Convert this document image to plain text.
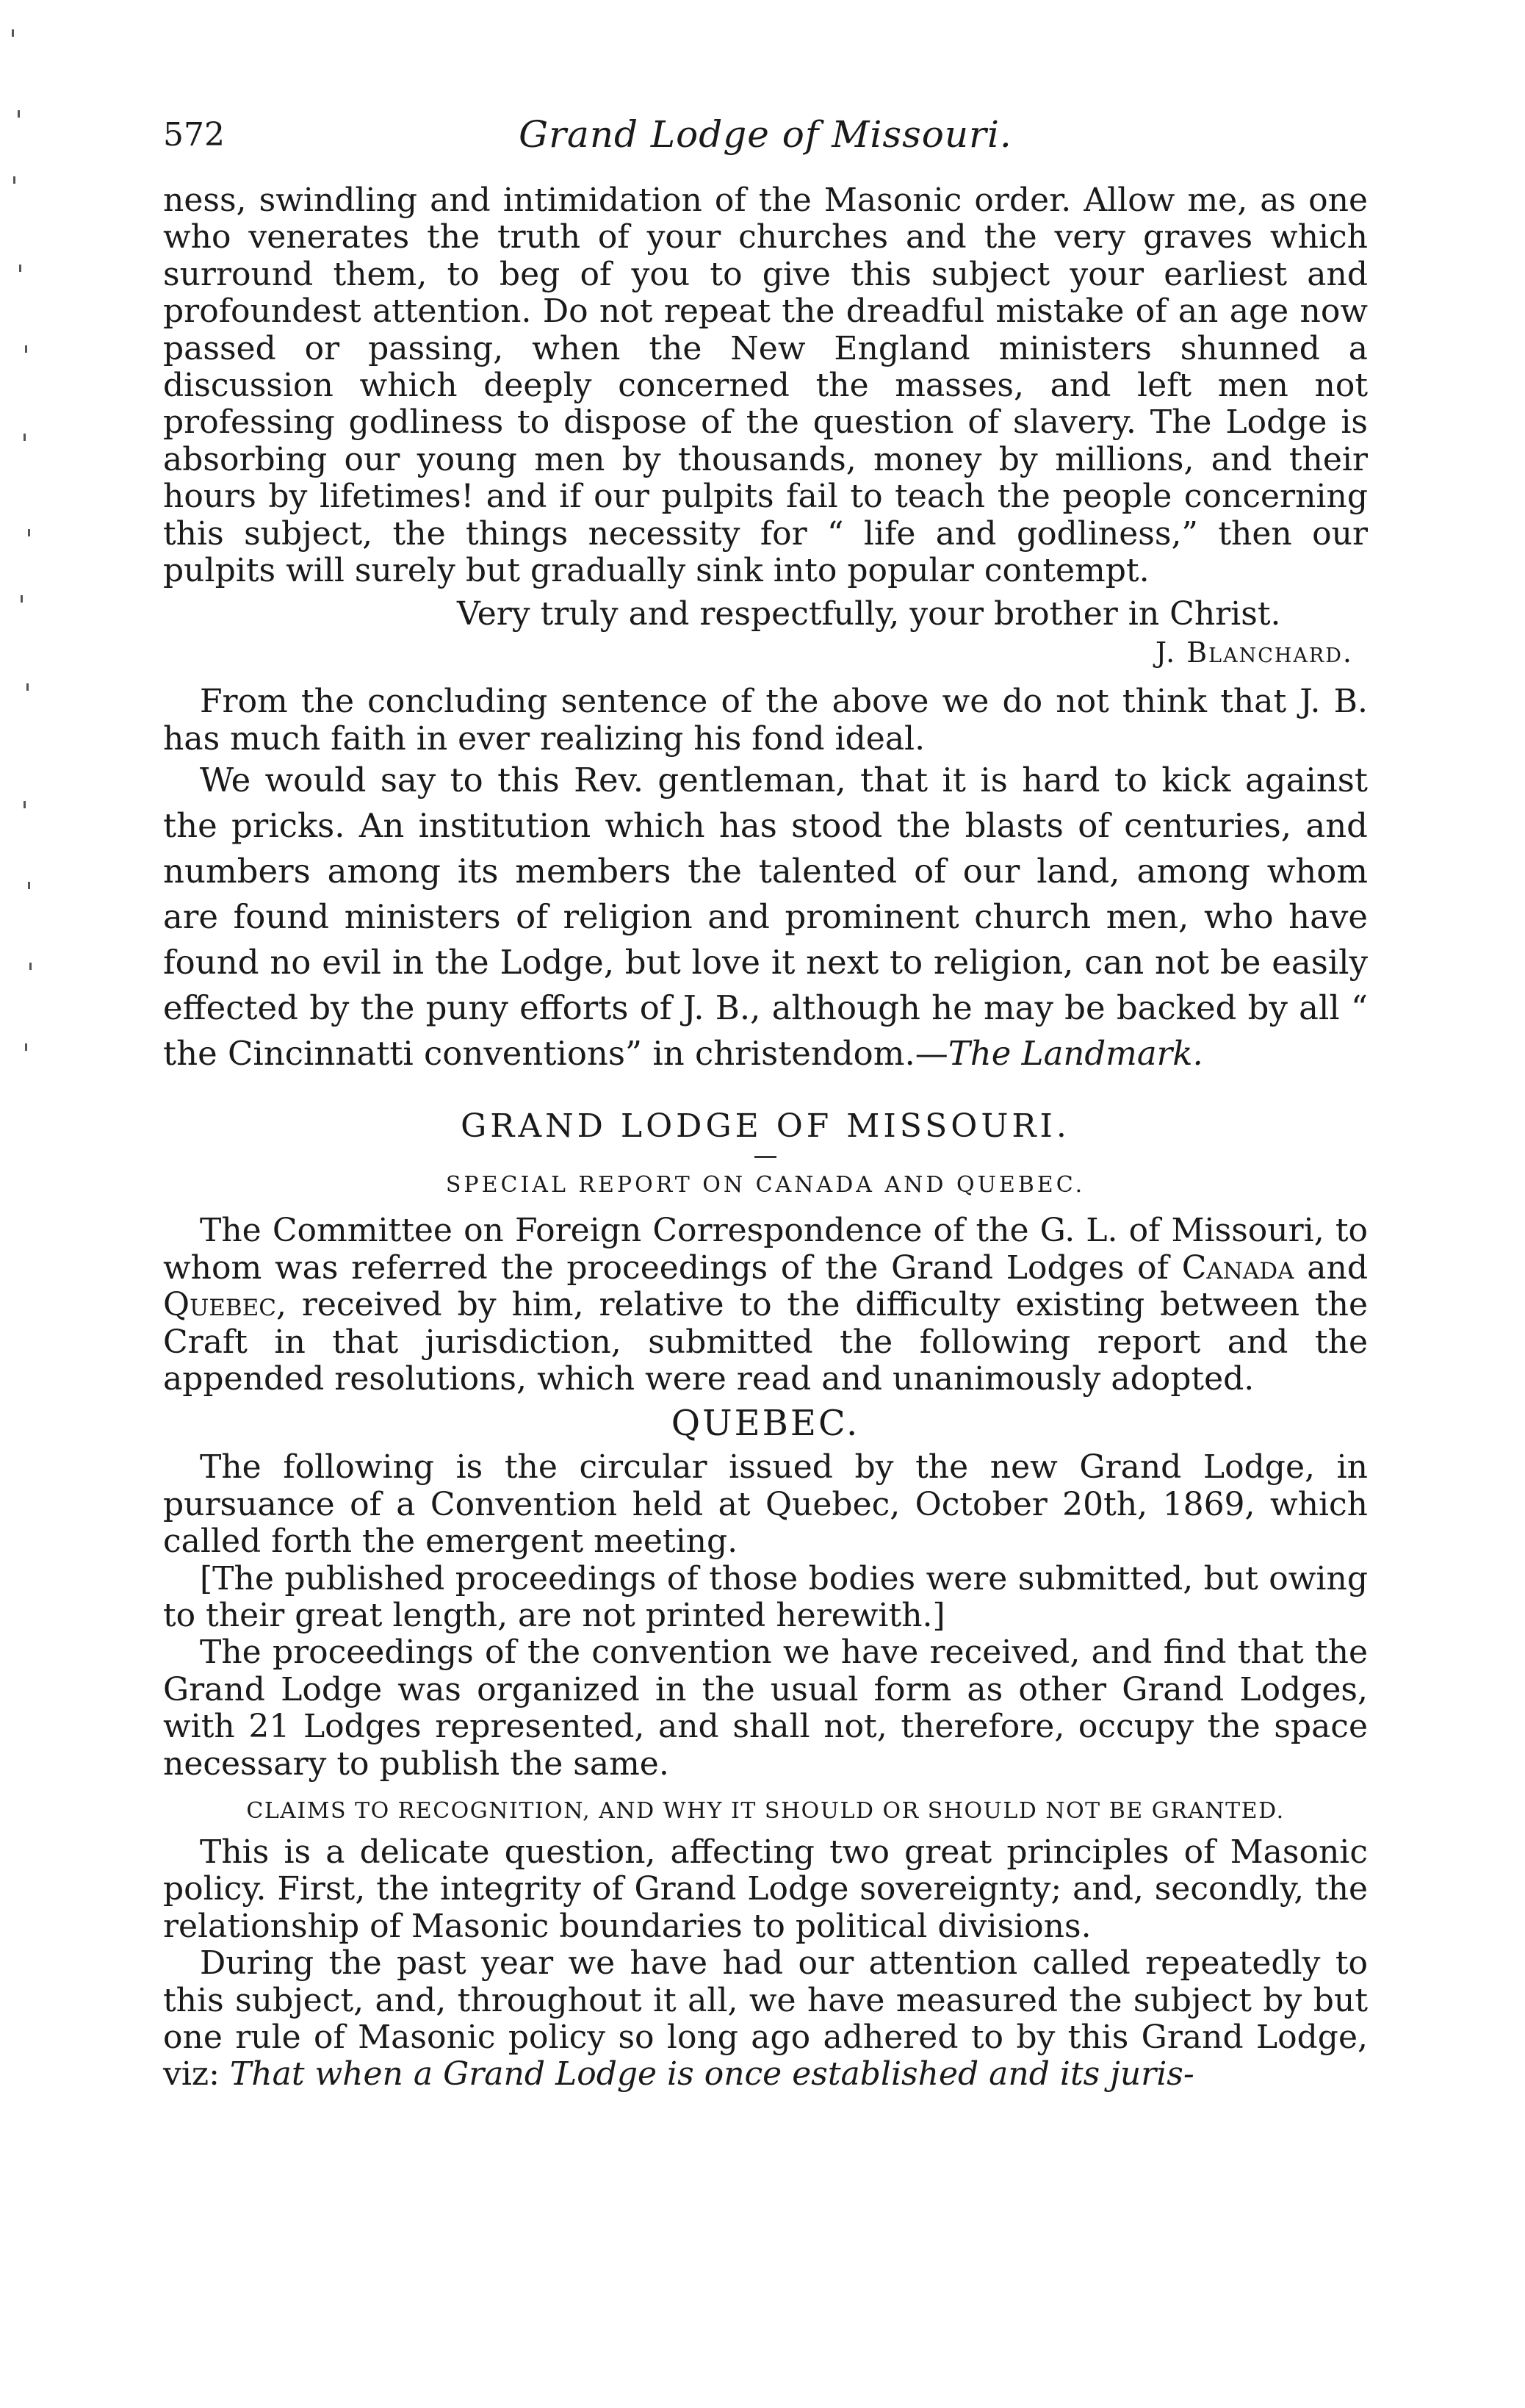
572	Grand Lodge of Missouri.

ness, swindling and intimidation of the Masonic order. Allow me, as one who venerates the truth of your churches and the very graves which surround them, to beg of you to give this subject your earliest and profoundest attention. Do not repeat the dreadful mistake of an age now passed or passing, when the New England ministers shunned a discussion which deeply concerned the masses, and left men not professing godliness to dispose of the question of slavery. The Lodge is absorbing our young men by thousands, money by millions, and their hours by lifetimes! and if our pulpits fail to teach the people concerning this subject, the things necessity for “ life and godliness,” then our pulpits will surely but gradually sink into popular contempt.

Very truly and respectfully, your brother in Christ.

J. Blanchard.

From the concluding sentence of the above we do not think that J. B. has much faith in ever realizing his fond ideal.

We would say to this Rev. gentleman, that it is hard to kick against the pricks. An institution which has stood the blasts of centuries, and numbers among its members the talented of our land, among whom are found ministers of religion and prominent church men, who have found no evil in the Lodge, but love it next to religion, can not be easily effected by the puny efforts of J. B., although he may be backed by all “ the Cincinnatti conventions” in christendom.—The Landmark.

GRAND LODGE OF MISSOURI.
SPECIAL REPORT ON CANADA AND QUEBEC.

The Committee on Foreign Correspondence of the G. L. of Missouri, to whom was referred the proceedings of the Grand Lodges of Canada and Quebec, received by him, relative to the difficulty existing between the Craft in that jurisdiction, submitted the following report and the appended resolutions, which were read and unanimously adopted.

QUEBEC.

The following is the circular issued by the new Grand Lodge, in pursuance of a Convention held at Quebec, October 20th, 1869, which called forth the emergent meeting.

[The published proceedings of those bodies were submitted, but owing to their great length, are not printed herewith.]

The proceedings of the convention we have received, and find that the Grand Lodge was organized in the usual form as other Grand Lodges, with 21 Lodges represented, and shall not, therefore, occupy the space necessary to publish the same.

CLAIMS TO RECOGNITION, AND WHY IT SHOULD OR SHOULD NOT BE GRANTED.

This is a delicate question, affecting two great principles of Masonic policy. First, the integrity of Grand Lodge sovereignty; and, secondly, the relationship of Masonic boundaries to political divisions.

During the past year we have had our attention called repeatedly to this subject, and, throughout it all, we have measured the subject by but one rule of Masonic policy so long ago adhered to by this Grand Lodge, viz: That when a Grand Lodge is once established and its juris-
